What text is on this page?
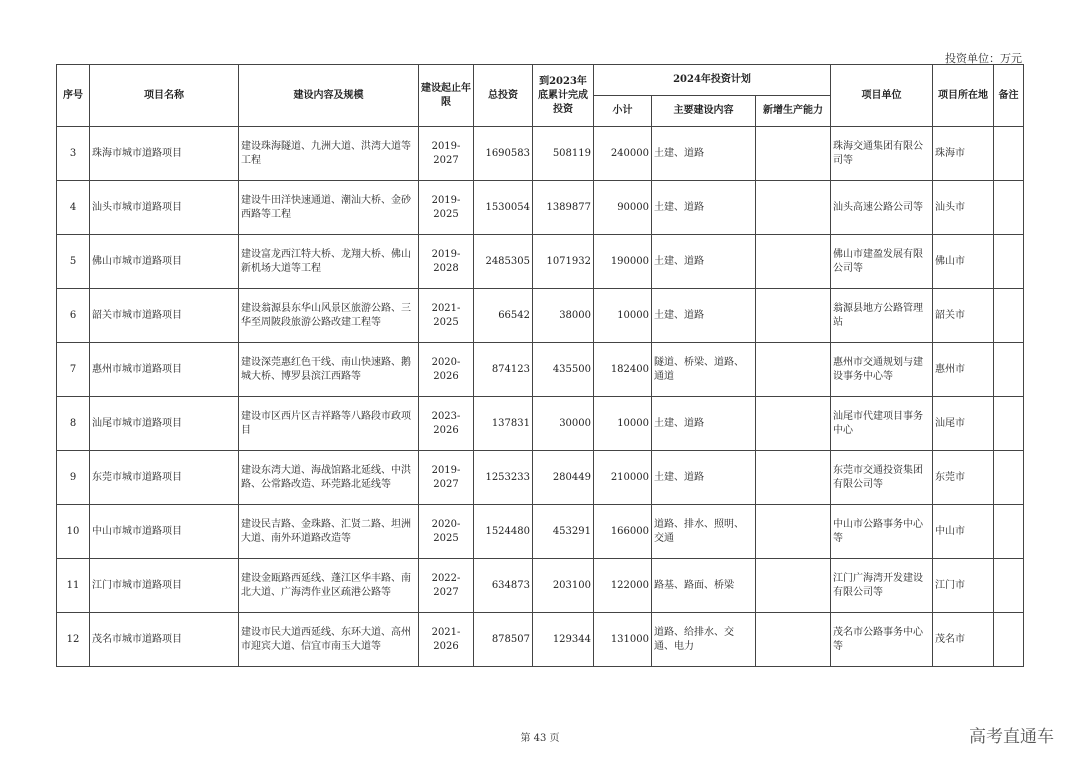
投资单位：万元
序号	项目名称	建设内容及规模	建设起止年限	总投资	到2023年底累计完成投资	2024年投资计划			项目单位	项目所在地	备注
						小计	主要建设内容	新增生产能力			
3	珠海市城市道路项目	建设珠海隧道、九洲大道、洪湾大道等工程	2019-2027	1690583	508119	240000	土建、道路		珠海交通集团有限公司等	珠海市	
4	汕头市城市道路项目	建设牛田洋快速通道、潮汕大桥、金砂西路等工程	2019-2025	1530054	1389877	90000	土建、道路		汕头高速公路公司等	汕头市	
5	佛山市城市道路项目	建设富龙西江特大桥、龙翔大桥、佛山新机场大道等工程	2019-2028	2485305	1071932	190000	土建、道路		佛山市建盈发展有限公司等	佛山市	
6	韶关市城市道路项目	建设翁源县东华山风景区旅游公路、三华至周陂段旅游公路改建工程等	2021-2025	66542	38000	10000	土建、道路		翁源县地方公路管理站	韶关市	
7	惠州市城市道路项目	建设深莞惠红色干线、南山快速路、鹅城大桥、博罗县滨江西路等	2020-2026	874123	435500	182400	隧道、桥梁、道路、通道		惠州市交通规划与建设事务中心等	惠州市	
8	汕尾市城市道路项目	建设市区西片区吉祥路等八路段市政项目	2023-2026	137831	30000	10000	土建、道路		汕尾市代建项目事务中心	汕尾市	
9	东莞市城市道路项目	建设东湾大道、海战馆路北延线、中洪路、公常路改造、环莞路北延线等	2019-2027	1253233	280449	210000	土建、道路		东莞市交通投资集团有限公司等	东莞市	
10	中山市城市道路项目	建设民吉路、金珠路、汇贤二路、坦洲大道、南外环道路改造等	2020-2025	1524480	453291	166000	道路、排水、照明、交通		中山市公路事务中心等	中山市	
11	江门市城市道路项目	建设金瓯路西延线、蓬江区华丰路、南北大道、广海湾作业区疏港公路等	2022-2027	634873	203100	122000	路基、路面、桥梁		江门广海湾开发建设有限公司等	江门市	
12	茂名市城市道路项目	建设市民大道西延线、东环大道、高州市迎宾大道、信宜市南玉大道等	2021-2026	878507	129344	131000	道路、给排水、交通、电力		茂名市公路事务中心等	茂名市	
第 43 页	高考直通车
